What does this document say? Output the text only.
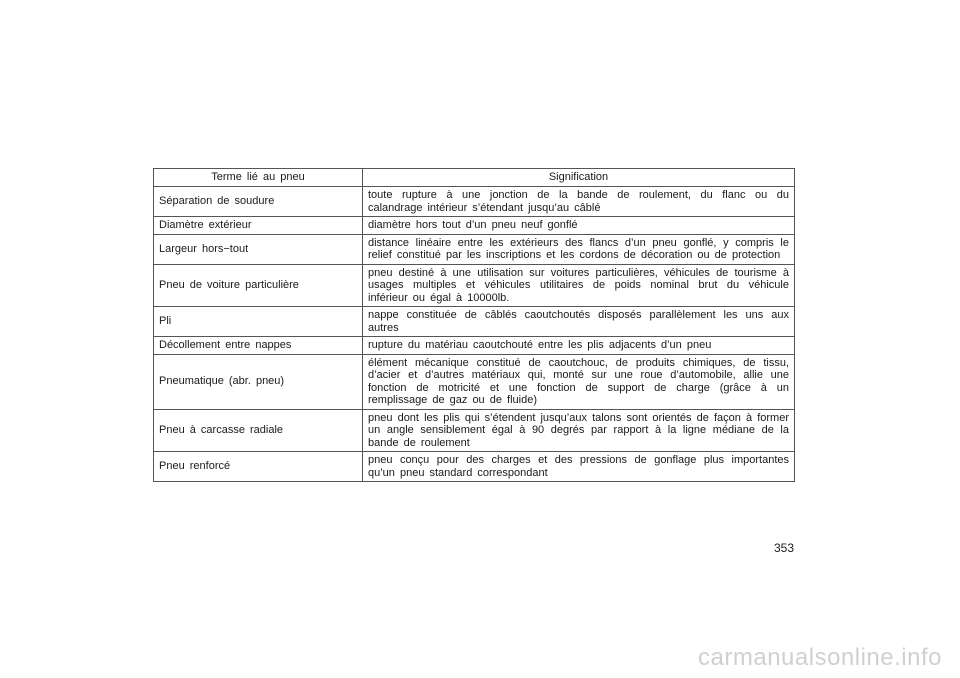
Terme lié au pneu	Signification
Séparation de soudure	toute rupture à une jonction de la bande de roulement, du flanc ou du calandrage intérieur s’étendant jusqu’au câblé
Diamètre extérieur	diamètre hors tout d’un pneu neuf gonflé
Largeur hors−tout	distance linéaire entre les extérieurs des flancs d’un pneu gonflé, y compris le relief constitué par les inscriptions et les cordons de décoration ou de protection
Pneu de voiture particulière	pneu destiné à une utilisation sur voitures particulières, véhicules de tourisme à usages multiples et véhicules utilitaires de poids nominal brut du véhicule inférieur ou égal à 10000lb.
Pli	nappe constituée de câblés caoutchoutés disposés parallèlement les uns aux autres
Décollement entre nappes	rupture du matériau caoutchouté entre les plis adjacents d’un pneu
Pneumatique (abr. pneu)	élément mécanique constitué de caoutchouc, de produits chimiques, de tissu, d’acier et d’autres matériaux qui, monté sur une roue d’automobile, allie une fonction de motricité et une fonction de support de charge (grâce à un remplissage de gaz ou de fluide)
Pneu à carcasse radiale	pneu dont les plis qui s’étendent jusqu’aux talons sont orientés de façon à former un angle sensiblement égal à 90 degrés par rapport à la ligne médiane de la bande de roulement
Pneu renforcé	pneu conçu pour des charges et des pressions de gonflage plus importantes qu’un pneu standard correspondant
353
carmanualsonline.info
